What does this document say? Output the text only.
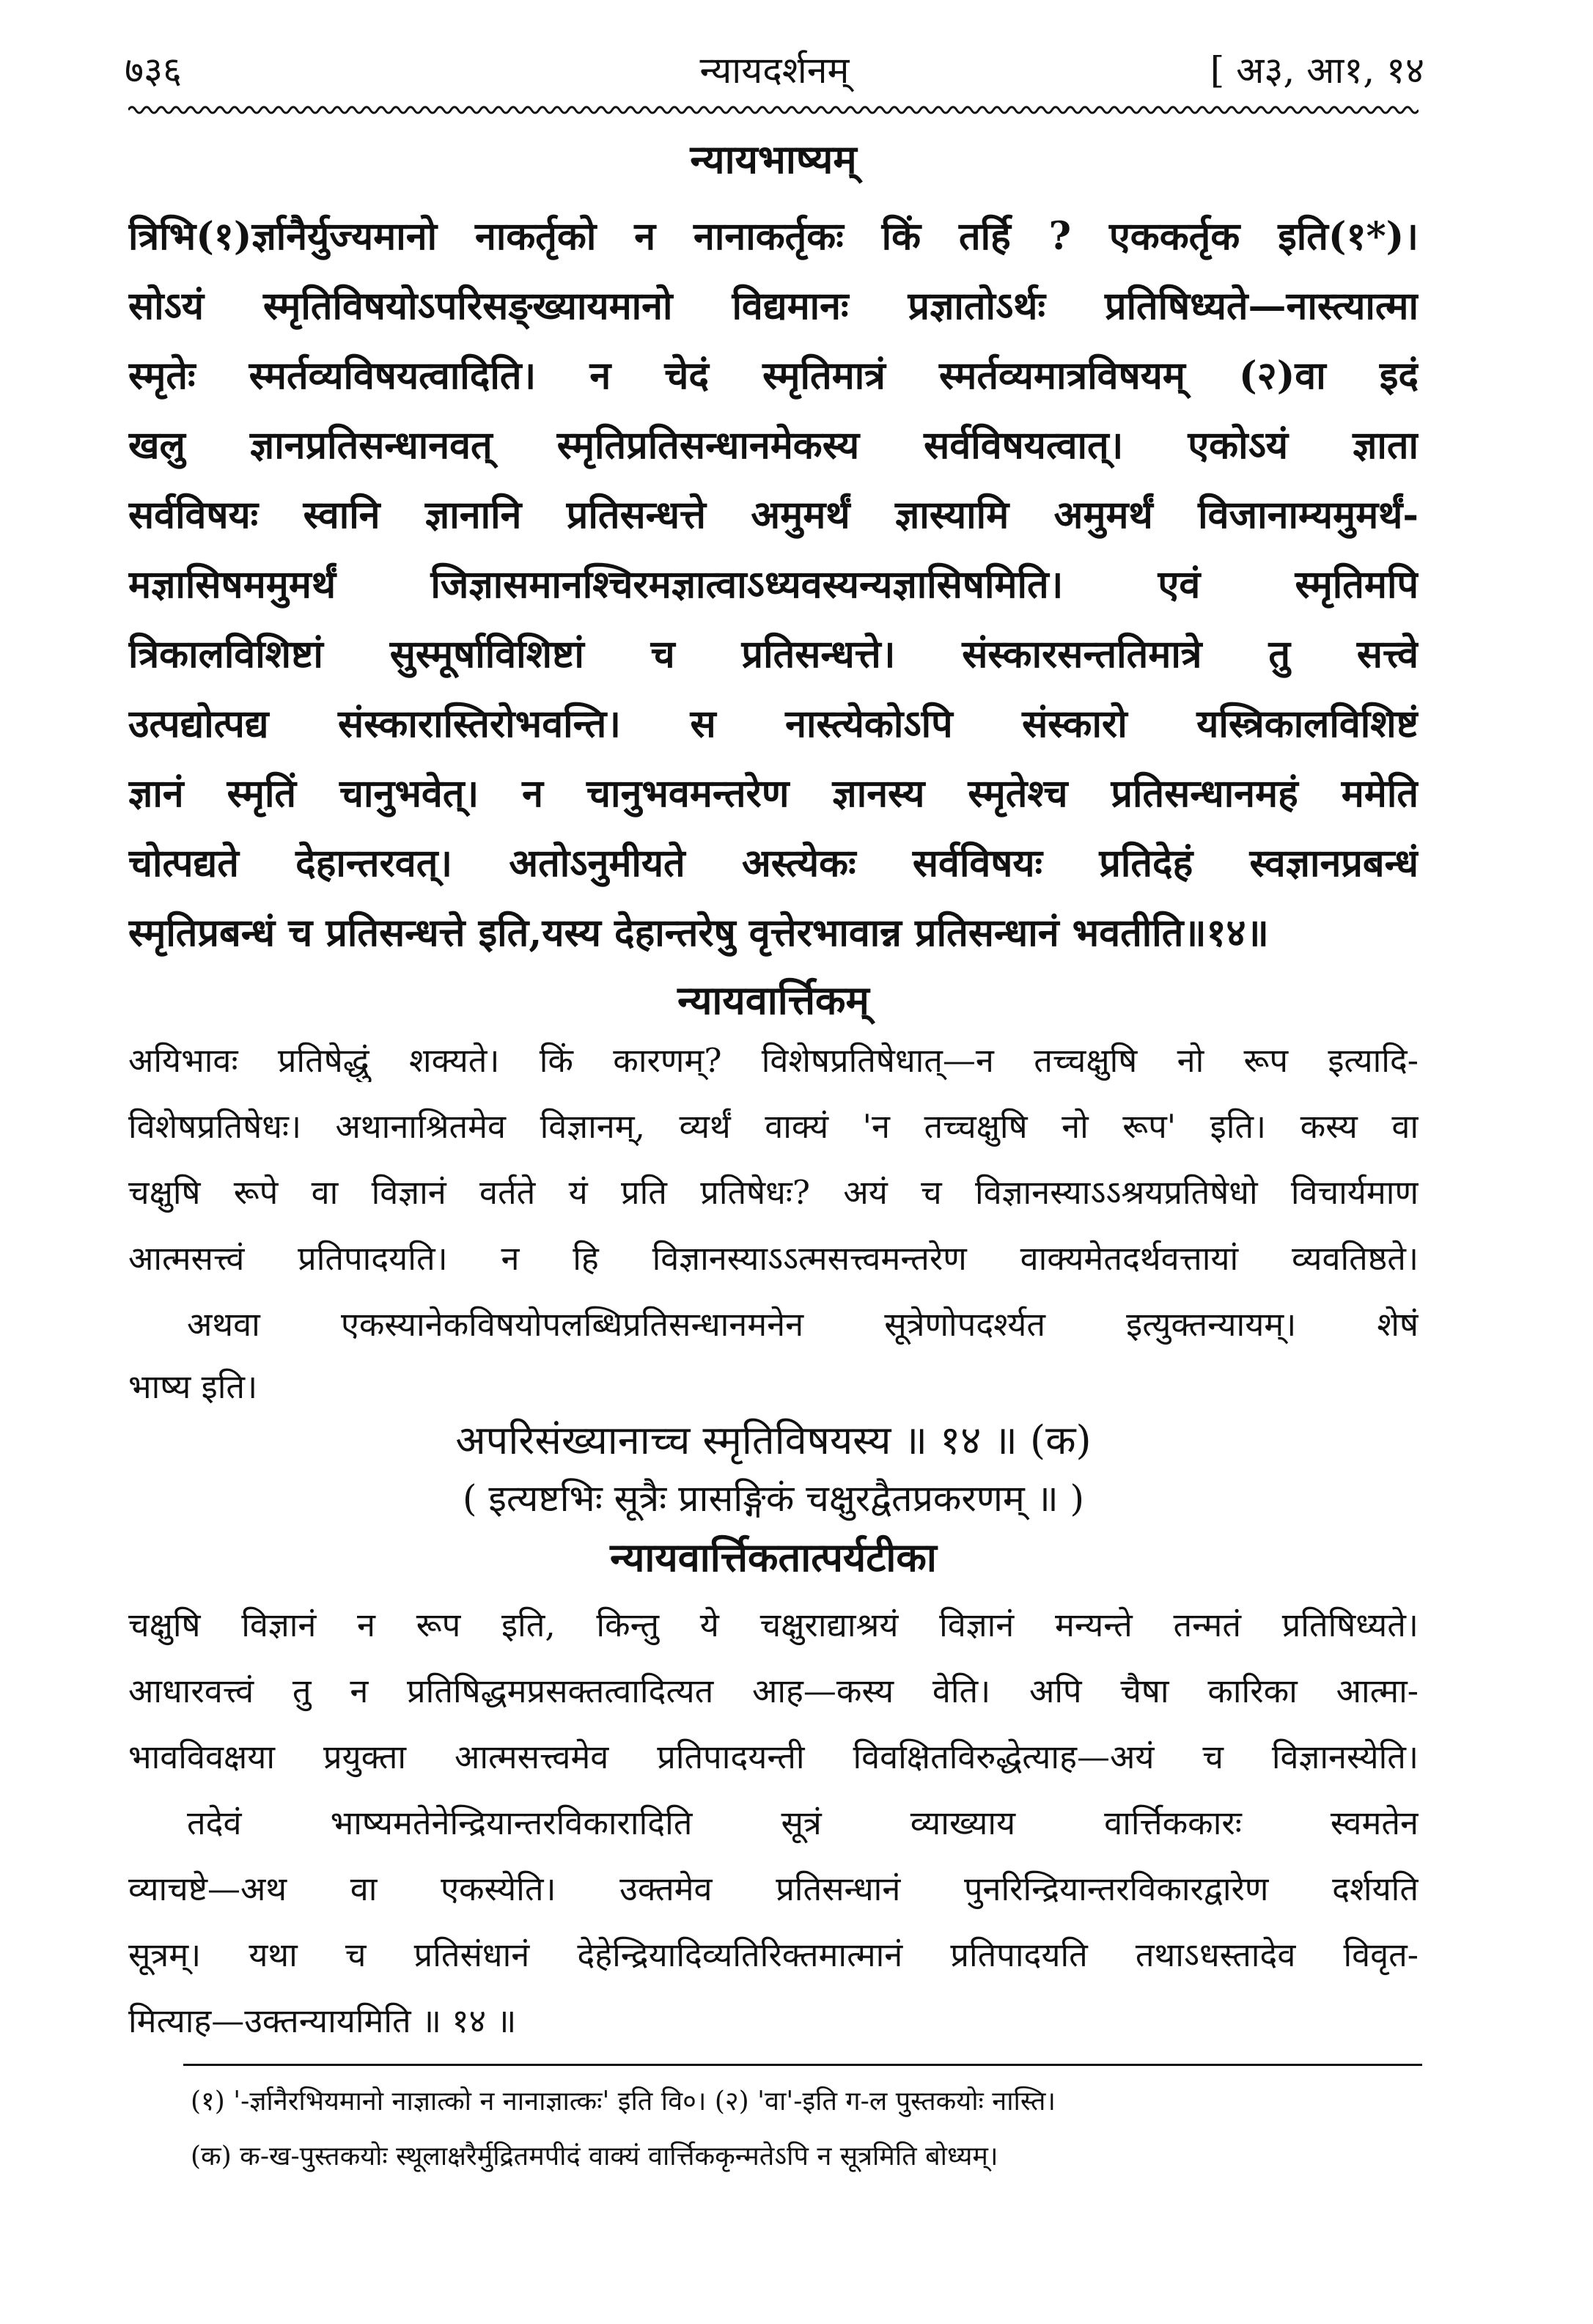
७३६	न्यायदर्शनम्	[ अ३, आ१, १४
न्यायभाष्यम्
त्रिभि(१)र्ज्ञानैर्युज्यमानो नाकर्तृको न नानाकर्तृकः किं तर्हि ? एककर्तृक इति(१*)।
सोऽयं स्मृतिविषयोऽपरिसङ्ख्यायमानो विद्यमानः प्रज्ञातोऽर्थः प्रतिषिध्यते—नास्त्यात्मा
स्मृतेः स्मर्तव्यविषयत्वादिति। न चेदं स्मृतिमात्रं स्मर्तव्यमात्रविषयम् (२)वा इदं
खलु ज्ञानप्रतिसन्धानवत् स्मृतिप्रतिसन्धानमेकस्य सर्वविषयत्वात्। एकोऽयं ज्ञाता
सर्वविषयः स्वानि ज्ञानानि प्रतिसन्धत्ते अमुमर्थं ज्ञास्यामि अमुमर्थं विजानाम्यमुमर्थं-
मज्ञासिषममुमर्थं जिज्ञासमानश्चिरमज्ञात्वाऽध्यवस्यन्यज्ञासिषमिति। एवं स्मृतिमपि
त्रिकालविशिष्टां सुस्मूर्षाविशिष्टां च प्रतिसन्धत्ते। संस्कारसन्ततिमात्रे तु सत्त्वे
उत्पद्योत्पद्य संस्कारास्तिरोभवन्ति। स नास्त्येकोऽपि संस्कारो यस्त्रिकालविशिष्टं
ज्ञानं स्मृतिं चानुभवेत्। न चानुभवमन्तरेण ज्ञानस्य स्मृतेश्च प्रतिसन्धानमहं ममेति
चोत्पद्यते देहान्तरवत्। अतोऽनुमीयते अस्त्येकः सर्वविषयः प्रतिदेहं स्वज्ञानप्रबन्धं
स्मृतिप्रबन्धं च प्रतिसन्धत्ते इति,यस्य देहान्तरेषु वृत्तेरभावान्न प्रतिसन्धानं भवतीति॥१४॥
न्यायवार्त्तिकम्
अयिभावः प्रतिषेद्धुं शक्यते। किं कारणम्? विशेषप्रतिषेधात्—न तच्चक्षुषि नो रूप इत्यादि-
विशेषप्रतिषेधः। अथानाश्रितमेव विज्ञानम्, व्यर्थं वाक्यं 'न तच्चक्षुषि नो रूप' इति। कस्य वा
चक्षुषि रूपे वा विज्ञानं वर्तते यं प्रति प्रतिषेधः? अयं च विज्ञानस्याऽऽश्रयप्रतिषेधो विचार्यमाण
आत्मसत्त्वं प्रतिपादयति। न हि विज्ञानस्याऽऽत्मसत्त्वमन्तरेण वाक्यमेतदर्थवत्तायां व्यवतिष्ठते।
अथवा एकस्यानेकविषयोपलब्धिप्रतिसन्धानमनेन सूत्रेणोपदर्श्यत इत्युक्तन्यायम्। शेषं
भाष्य इति।
अपरिसंख्यानाच्च स्मृतिविषयस्य ॥ १४ ॥ (क)
( इत्यष्टभिः सूत्रैः प्रासङ्गिकं चक्षुरद्वैतप्रकरणम् ॥ )
न्यायवार्त्तिकतात्पर्यटीका
चक्षुषि विज्ञानं न रूप इति, किन्तु ये चक्षुराद्याश्रयं विज्ञानं मन्यन्ते तन्मतं प्रतिषिध्यते।
आधारवत्त्वं तु न प्रतिषिद्धमप्रसक्तत्वादित्यत आह—कस्य वेति। अपि चैषा कारिका आत्मा-
भावविवक्षया प्रयुक्ता आत्मसत्त्वमेव प्रतिपादयन्ती विवक्षितविरुद्धेत्याह—अयं च विज्ञानस्येति।
तदेवं भाष्यमतेनेन्द्रियान्तरविकारादिति सूत्रं व्याख्याय वार्त्तिककारः स्वमतेन
व्याचष्टे—अथ वा एकस्येति। उक्तमेव प्रतिसन्धानं पुनरिन्द्रियान्तरविकारद्वारेण दर्शयति
सूत्रम्। यथा च प्रतिसंधानं देहेन्द्रियादिव्यतिरिक्तमात्मानं प्रतिपादयति तथाऽधस्तादेव विवृत-
मित्याह—उक्तन्यायमिति ॥ १४ ॥
(१) '-र्ज्ञानैरभियमानो नाज्ञात्को न नानाज्ञात्कः' इति वि०। (२) 'वा'-इति ग-ल पुस्तकयोः नास्ति।
(क) क-ख-पुस्तकयोः स्थूलाक्षरैर्मुद्रितमपीदं वाक्यं वार्त्तिककृन्मतेऽपि न सूत्रमिति बोध्यम्।
